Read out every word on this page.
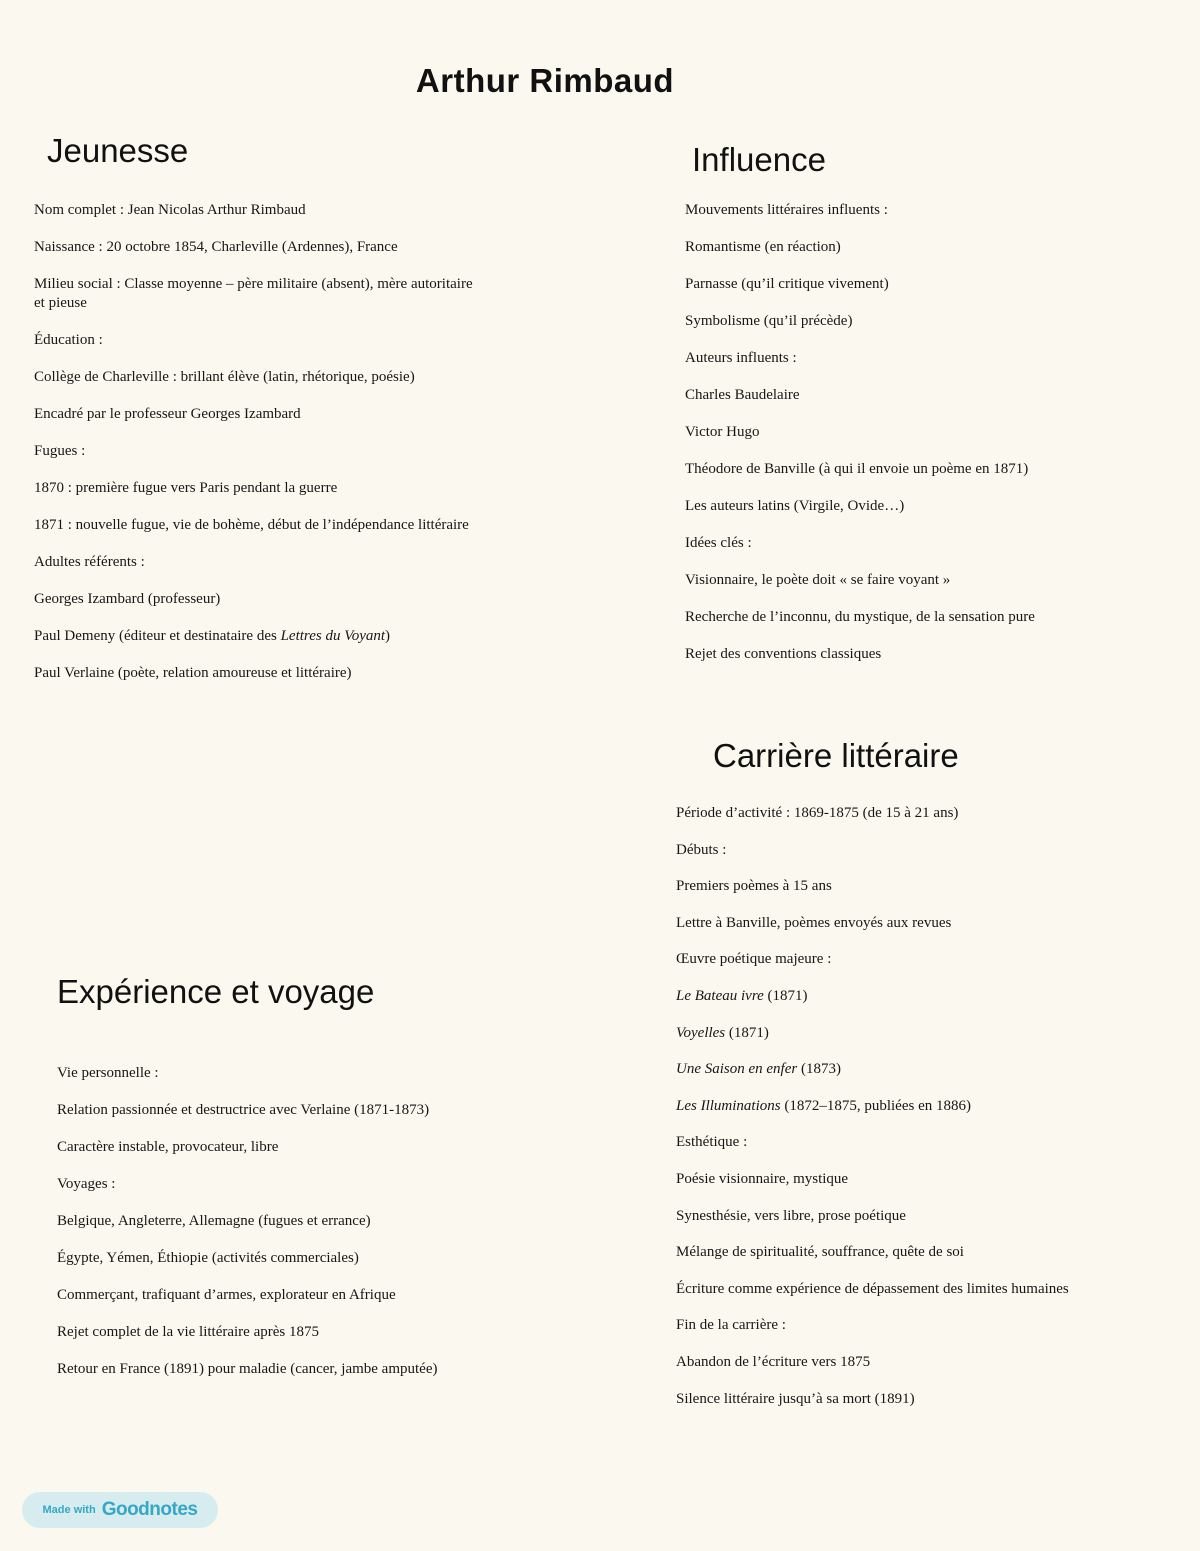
Arthur Rimbaud
Jeunesse
Nom complet : Jean Nicolas Arthur Rimbaud
Naissance : 20 octobre 1854, Charleville (Ardennes), France
Milieu social : Classe moyenne – père militaire (absent), mère autoritaire et pieuse
Éducation :
Collège de Charleville : brillant élève (latin, rhétorique, poésie)
Encadré par le professeur Georges Izambard
Fugues :
1870 : première fugue vers Paris pendant la guerre
1871 : nouvelle fugue, vie de bohème, début de l’indépendance littéraire
Adultes référents :
Georges Izambard (professeur)
Paul Demeny (éditeur et destinataire des Lettres du Voyant)
Paul Verlaine (poète, relation amoureuse et littéraire)
Influence
Mouvements littéraires influents :
Romantisme (en réaction)
Parnasse (qu’il critique vivement)
Symbolisme (qu’il précède)
Auteurs influents :
Charles Baudelaire
Victor Hugo
Théodore de Banville (à qui il envoie un poème en 1871)
Les auteurs latins (Virgile, Ovide…)
Idées clés :
Visionnaire, le poète doit « se faire voyant »
Recherche de l’inconnu, du mystique, de la sensation pure
Rejet des conventions classiques
Carrière littéraire
Période d’activité : 1869-1875 (de 15 à 21 ans)
Débuts :
Premiers poèmes à 15 ans
Lettre à Banville, poèmes envoyés aux revues
Œuvre poétique majeure :
Le Bateau ivre (1871)
Voyelles (1871)
Une Saison en enfer (1873)
Les Illuminations (1872–1875, publiées en 1886)
Esthétique :
Poésie visionnaire, mystique
Synesthésie, vers libre, prose poétique
Mélange de spiritualité, souffrance, quête de soi
Écriture comme expérience de dépassement des limites humaines
Fin de la carrière :
Abandon de l’écriture vers 1875
Silence littéraire jusqu’à sa mort (1891)
Expérience et voyage
Vie personnelle :
Relation passionnée et destructrice avec Verlaine (1871-1873)
Caractère instable, provocateur, libre
Voyages :
Belgique, Angleterre, Allemagne (fugues et errance)
Égypte, Yémen, Éthiopie (activités commerciales)
Commerçant, trafiquant d’armes, explorateur en Afrique
Rejet complet de la vie littéraire après 1875
Retour en France (1891) pour maladie (cancer, jambe amputée)
Made with Goodnotes
